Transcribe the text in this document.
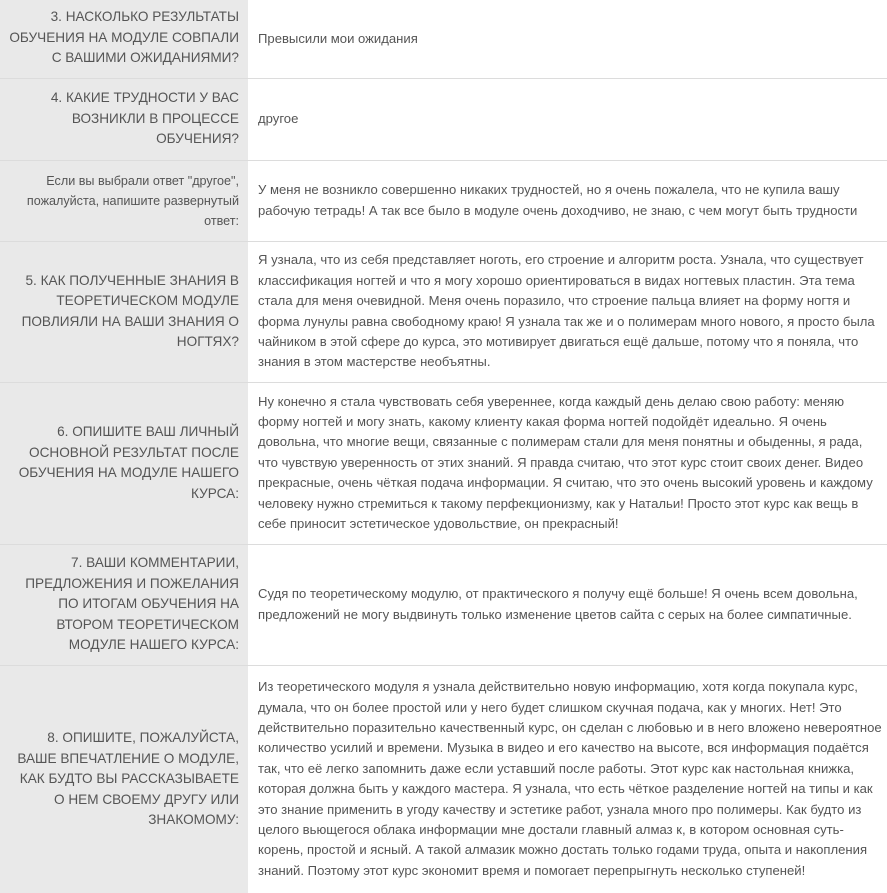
3. НАСКОЛЬКО РЕЗУЛЬТАТЫ ОБУЧЕНИЯ НА МОДУЛЕ СОВПАЛИ С ВАШИМИ ОЖИДАНИЯМИ?	Превысили мои ожидания
4. КАКИЕ ТРУДНОСТИ У ВАС ВОЗНИКЛИ В ПРОЦЕССЕ ОБУЧЕНИЯ?	другое
Если вы выбрали ответ "другое", пожалуйста, напишите развернутый ответ:	У меня не возникло совершенно никаких трудностей, но я очень пожалела, что не купила вашу рабочую тетрадь! А так все было в модуле очень доходчиво, не знаю, с чем могут быть трудности
5. КАК ПОЛУЧЕННЫЕ ЗНАНИЯ В ТЕОРЕТИЧЕСКОМ МОДУЛЕ ПОВЛИЯЛИ НА ВАШИ ЗНАНИЯ О НОГТЯХ?	Я узнала, что из себя представляет ноготь, его строение и алгоритм роста. Узнала, что существует классификация ногтей и что я могу хорошо ориентироваться в видах ногтевых пластин. Эта тема стала для меня очевидной. Меня очень поразило, что строение пальца влияет на форму ногтя и форма лунулы равна свободному краю! Я узнала так же и о полимерам много нового, я просто была чайником в этой сфере до курса, это мотивирует двигаться ещё дальше, потому что я поняла, что знания в этом мастерстве необъятны.
6. ОПИШИТЕ ВАШ ЛИЧНЫЙ ОСНОВНОЙ РЕЗУЛЬТАТ ПОСЛЕ ОБУЧЕНИЯ НА МОДУЛЕ НАШЕГО КУРСА:	Ну конечно я стала чувствовать себя увереннее, когда каждый день делаю свою работу: меняю форму ногтей и могу знать, какому клиенту какая форма ногтей подойдёт идеально. Я очень довольна, что многие вещи, связанные с полимерам стали для меня понятны и обыденны, я рада, что чувствую уверенность от этих знаний. Я правда считаю, что этот курс стоит своих денег. Видео прекрасные, очень чёткая подача информации. Я считаю, что это очень высокий уровень и каждому человеку нужно стремиться к такому перфекционизму, как у Натальи! Просто этот курс как вещь в себе приносит эстетическое удовольствие, он прекрасный!
7. ВАШИ КОММЕНТАРИИ, ПРЕДЛОЖЕНИЯ И ПОЖЕЛАНИЯ ПО ИТОГАМ ОБУЧЕНИЯ НА ВТОРОМ ТЕОРЕТИЧЕСКОМ МОДУЛЕ НАШЕГО КУРСА:	Судя по теоретическому модулю, от практического я получу ещё больше! Я очень всем довольна, предложений не могу выдвинуть только изменение цветов сайта с серых на более симпатичные.
8. ОПИШИТЕ, ПОЖАЛУЙСТА, ВАШЕ ВПЕЧАТЛЕНИЕ О МОДУЛЕ, КАК БУДТО ВЫ РАССКАЗЫВАЕТЕ О НЕМ СВОЕМУ ДРУГУ ИЛИ ЗНАКОМОМУ:	Из теоретического модуля я узнала действительно новую информацию, хотя когда покупала курс, думала, что он более простой или у него будет слишком скучная подача, как у многих. Нет! Это действительно поразительно качественный курс, он сделан с любовью и в него вложено невероятное количество усилий и времени. Музыка в видео и его качество на высоте, вся информация подаётся так, что её легко запомнить даже если уставший после работы. Этот курс как настольная книжка, которая должна быть у каждого мастера. Я узнала, что есть чёткое разделение ногтей на типы и как это знание применить в угоду качеству и эстетике работ, узнала много про полимеры. Как будто из целого вьющегося облака информации мне достали главный алмаз к, в котором основная суть-корень, простой и ясный. А такой алмазик можно достать только годами труда, опыта и накопления знаний. Поэтому этот курс экономит время и помогает перепрыгнуть несколько ступеней!
